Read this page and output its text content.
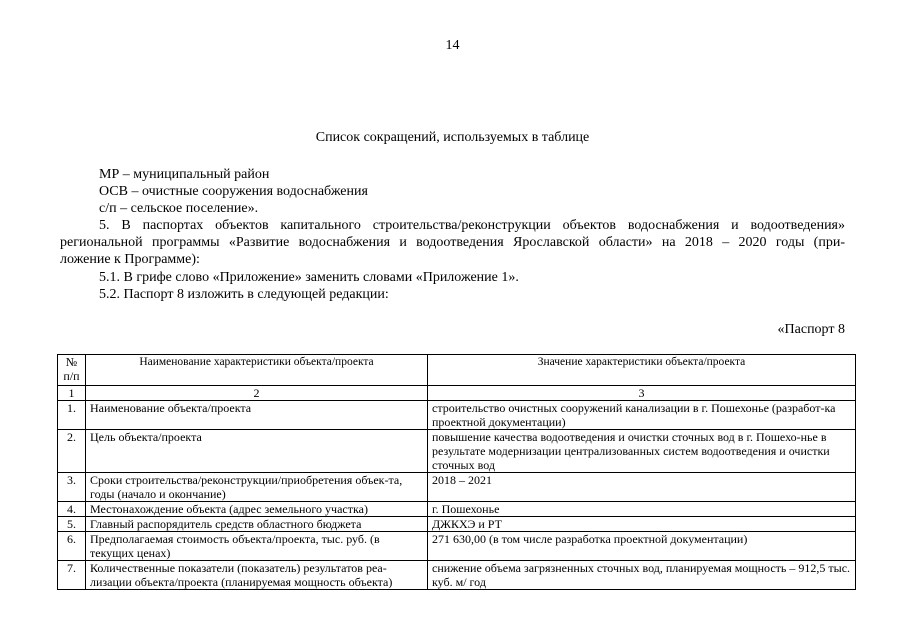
14
Список сокращений, используемых в таблице
МР – муниципальный район
ОСВ – очистные сооружения водоснабжения
с/п – сельское поселение».
5. В паспортах объектов капитального строительства/реконструкции объектов водоснабжения и водоотведения»
региональной программы «Развитие водоснабжения и водоотведения Ярославской области» на 2018 – 2020 годы (при-
ложение к Программе):
5.1. В грифе слово «Приложение» заменить словами «Приложение 1».
5.2. Паспорт 8 изложить в следующей редакции:
«Паспорт 8
№
п/п	Наименование характеристики объекта/проекта	Значение характеристики объекта/проекта
1	2	3
1.	Наименование объекта/проекта	строительство очистных сооружений канализации в г. Пошехонье (разработ-ка проектной документации)
2.	Цель объекта/проекта	повышение качества водоотведения и очистки сточных вод в г. Пошехо-нье в результате модернизации централизованных систем водоотведения и очистки сточных вод
3.	Сроки строительства/реконструкции/приобретения объек-та, годы (начало и окончание)	2018 – 2021
4.	Местонахождение объекта (адрес земельного участка)	г. Пошехонье
5.	Главный распорядитель средств областного бюджета	ДЖКХЭ и РТ
6.	Предполагаемая стоимость объекта/проекта, тыс. руб. (в текущих ценах)	271 630,00 (в том числе разработка проектной документации)
7.	Количественные показатели (показатель) результатов реа-лизации объекта/проекта (планируемая мощность объекта)	снижение объема загрязненных сточных вод, планируемая мощность – 912,5 тыс. куб. м/ год
